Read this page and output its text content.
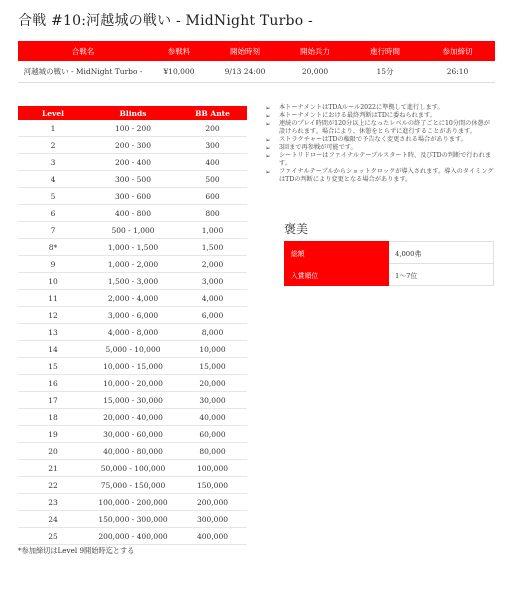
合戦 #10:河越城の戦い - MidNight Turbo -
合戦名	参戦料	開始時刻	開始兵力	進行時間	参加締切
河越城の戦い - MidNight Turbo -	¥10,000	9/13 24:00	20,000	15分	26:10
Level	Blinds	BB Ante
1	100 - 200	200
2	200 - 300	300
3	200 - 400	400
4	300 - 500	500
5	300 - 600	600
6	400 - 800	800
7	500 - 1,000	1,000
8*	1,000 - 1,500	1,500
9	1,000 - 2,000	2,000
10	1,500 - 3,000	3,000
11	2,000 - 4,000	4,000
12	3,000 - 6,000	6,000
13	4,000 - 8,000	8,000
14	5,000 - 10,000	10,000
15	10,000 - 15,000	15,000
16	10,000 - 20,000	20,000
17	15,000 - 30,000	30,000
18	20,000 - 40,000	40,000
19	30,000 - 60,000	60,000
20	40,000 - 80,000	80,000
21	50,000 - 100,000	100,000
22	75,000 - 150,000	150,000
23	100,000 - 200,000	200,000
24	150,000 - 300,000	300,000
25	200,000 - 400,000	400,000
*参加締切はLevel 9開始時迄とする
➢ 本トーナメントはTDAルール2022に準拠して進行します。
➢ 本トーナメントにおける最終判断はTDに委ねられます。
➢ 連続のプレイ時間が120分以上になったレベルの終了ごとに10分間の休憩が設けられます。場合により、休憩をとらずに進行することがあります。
➢ ストラクチャーはTDの権限で予告なく変更される場合があります。
➢ 3回まで再参戦が可能です。
➢ シートリドローはファイナルテーブルスタート時、及びTDの判断で行われます。
➢ ファイナルテーブルからショットクロックが導入されます。導入のタイミングはTDの判断により変更となる場合があります。
褒美
総額	4,000弗
入賞順位	1～7位
